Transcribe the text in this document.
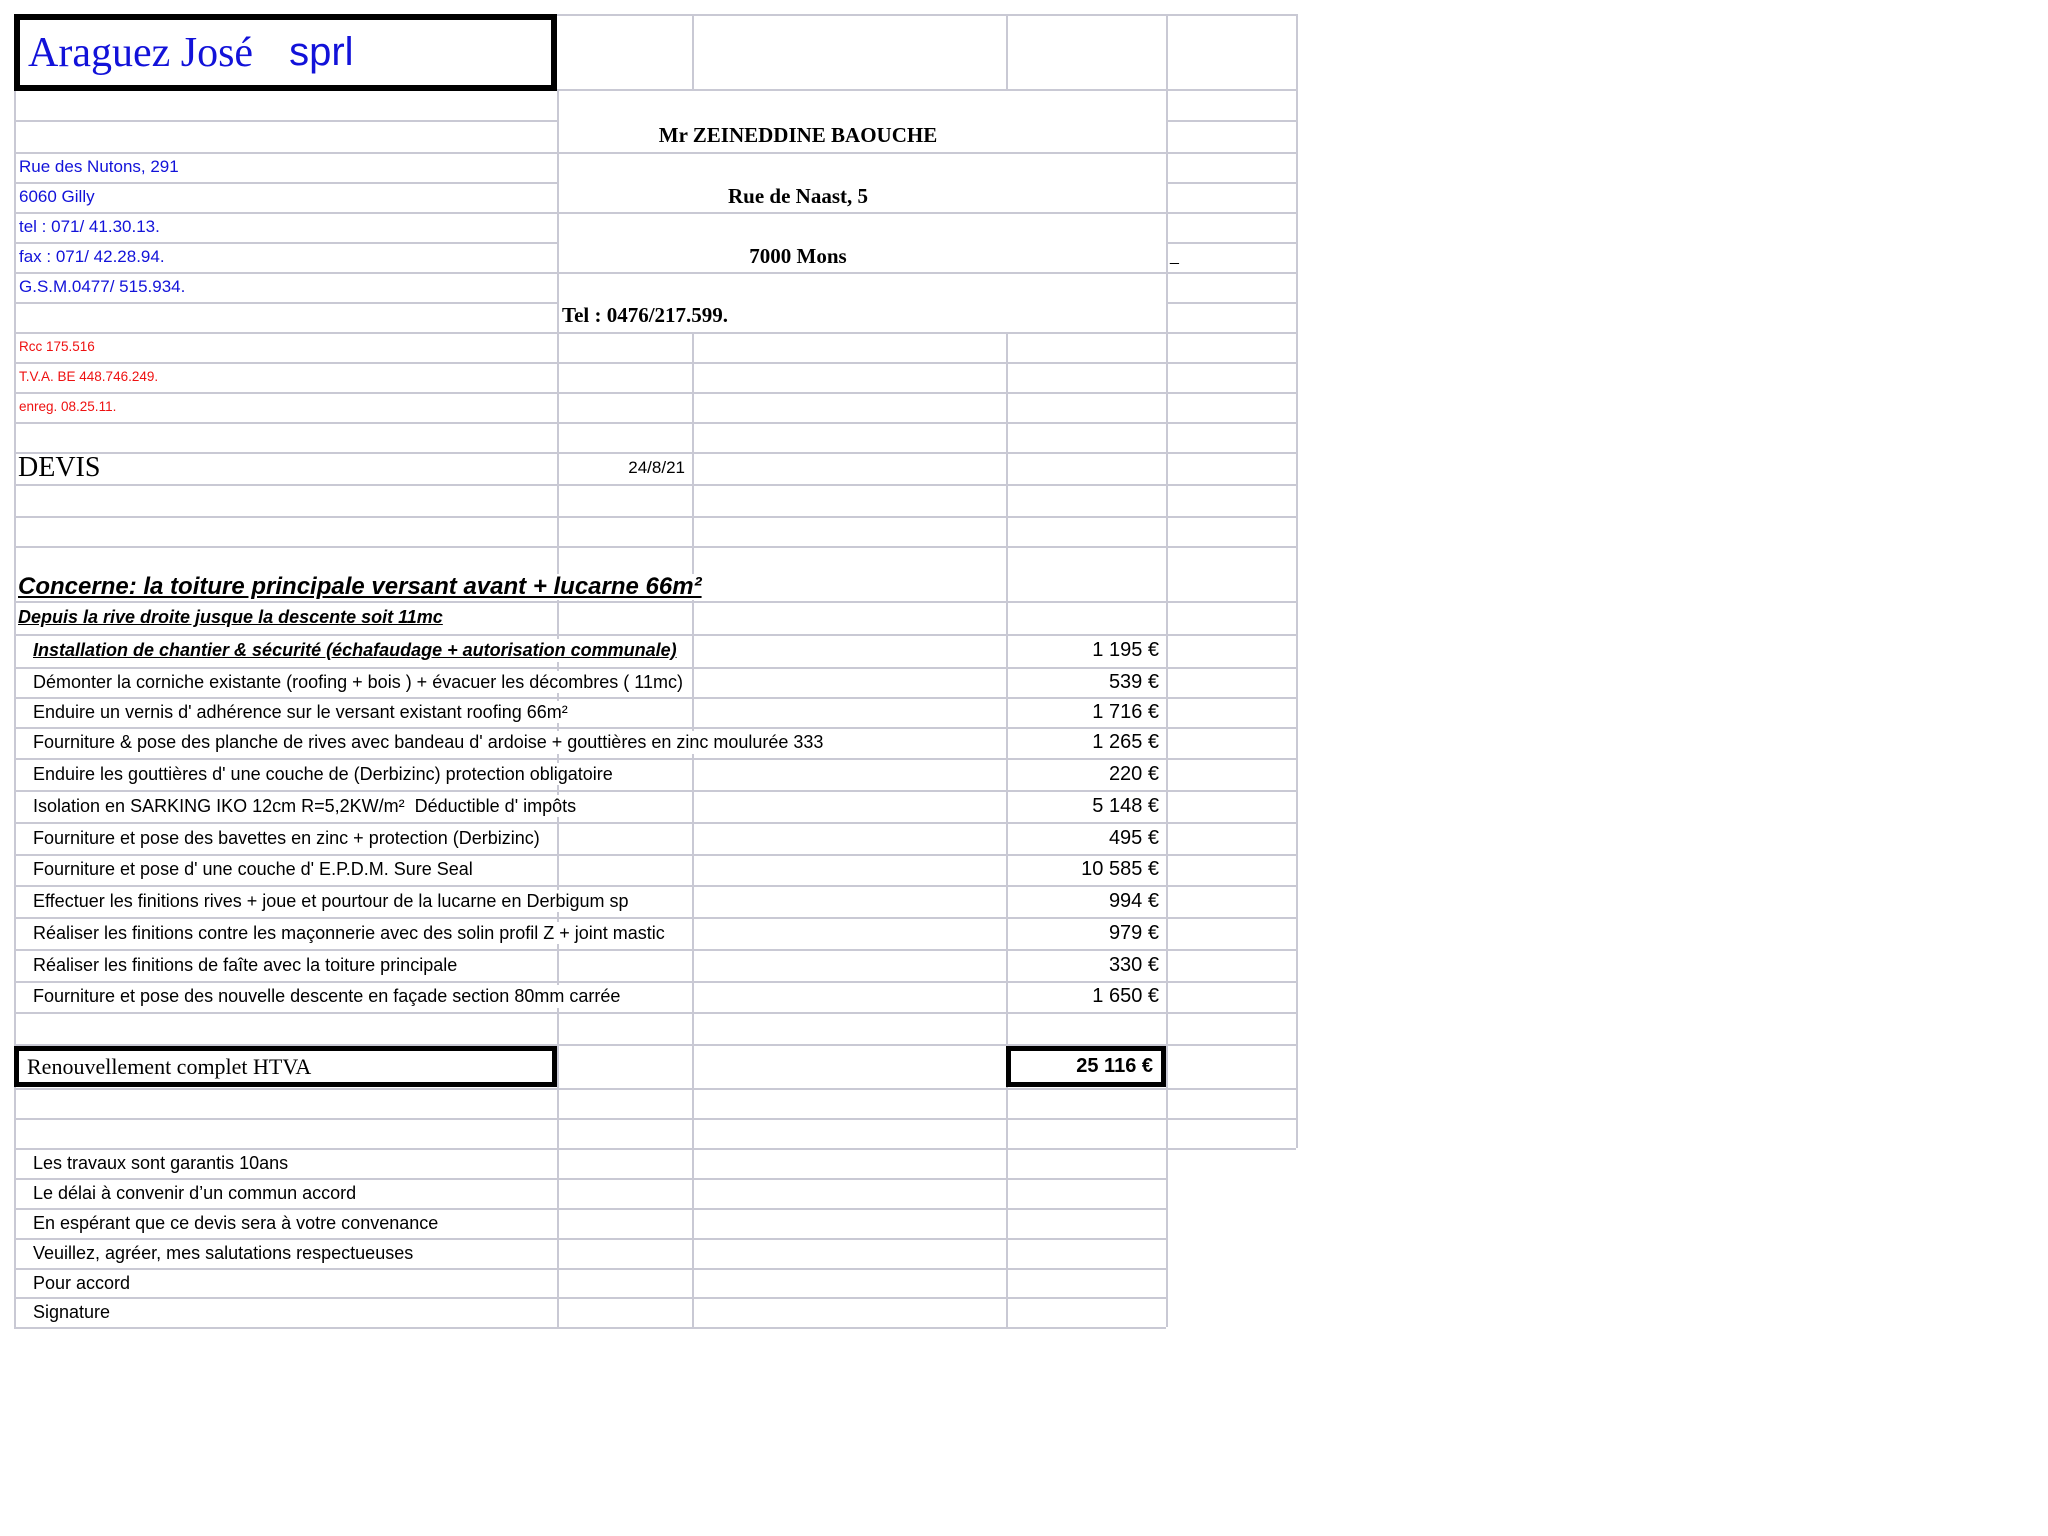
Araguez José sprl
Rue des Nutons, 291
6060 Gilly
tel : 071/ 41.30.13.
fax : 071/ 42.28.94.
G.S.M.0477/ 515.934.
Rcc 175.516
T.V.A. BE 448.746.249.
enreg. 08.25.11.
Mr ZEINEDDINE BAOUCHE
Rue de Naast, 5
7000 Mons
Tel : 0476/217.599.
DEVIS	24/8/21
Concerne: la toiture principale versant avant + lucarne 66m²
Depuis la rive droite jusque la descente soit 11mc
Installation de chantier & sécurité (échafaudage + autorisation communale)	1 195 €
Démonter la corniche existante (roofing + bois ) + évacuer les décombres ( 11mc)	539 €
Enduire un vernis d' adhérence sur le versant existant roofing 66m²	1 716 €
Fourniture & pose des planche de rives avec bandeau d' ardoise + gouttières en zinc moulurée 333	1 265 €
Enduire les gouttières d' une couche de (Derbizinc) protection obligatoire	220 €
Isolation en SARKING IKO 12cm R=5,2KW/m²  Déductible d' impôts	5 148 €
Fourniture et pose des bavettes en zinc + protection (Derbizinc)	495 €
Fourniture et pose d' une couche d' E.P.D.M. Sure Seal	10 585 €
Effectuer les finitions rives + joue et pourtour de la lucarne en Derbigum sp	994 €
Réaliser les finitions contre les maçonnerie avec des solin profil Z + joint mastic	979 €
Réaliser les finitions de faîte avec la toiture principale	330 €
Fourniture et pose des nouvelle descente en façade section 80mm carrée	1 650 €
Renouvellement complet HTVA	25 116 €
Les travaux sont garantis 10ans
Le délai à convenir d’un commun accord
En espérant que ce devis sera à votre convenance
Veuillez, agréer, mes salutations respectueuses
Pour accord
Signature
_
